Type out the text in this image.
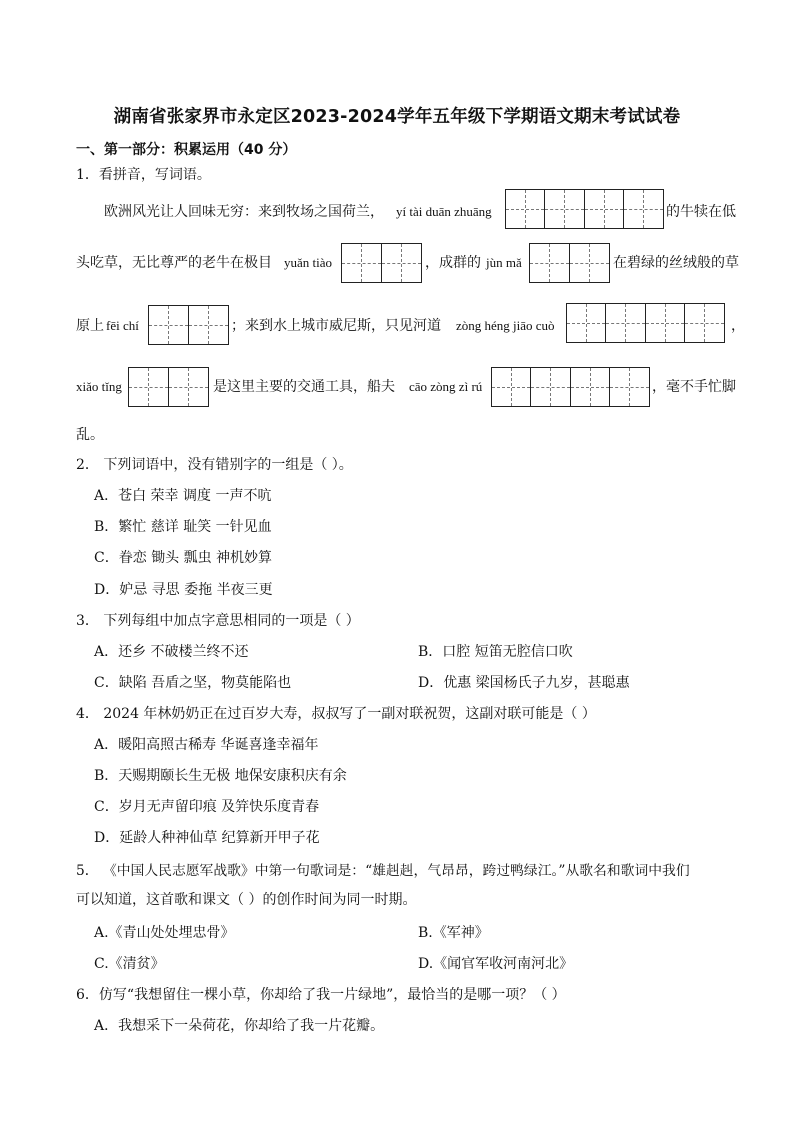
湖南省张家界市永定区2023-2024学年五年级下学期语文期末考试试卷
一、第一部分：积累运用（40 分）
1．看拼音，写词语。
欧洲风光让人回味无穷：来到牧场之国荷兰， yí tài duān zhuāng	的牛犊在低
头吃草，无比尊严的老牛在极目 yuǎn tiào	，成群的 jùn mǎ	在碧绿的丝绒般的草
原上 fēi chí	；来到水上城市威尼斯，只见河道 zòng héng jiāo cuò	，
xiǎo tǐng	是这里主要的交通工具，船夫 cāo zòng zì rú	，毫不手忙脚
乱。
2． 下列词语中，没有错别字的一组是（ ）。
A．苍白 荣幸 调度 一声不吭
B．繁忙 慈详 耻笑 一针见血
C．眷恋 锄头 瓢虫 神机妙算
D．妒忌 寻思 委拖 半夜三更
3． 下列每组中加点字意思相同的一项是（ ）
A．还乡 不破楼兰终不还	B．口腔 短笛无腔信口吹
C．缺陷 吾盾之坚，物莫能陷也	D．优惠 梁国杨氏子九岁，甚聪惠
4． 2024 年林奶奶正在过百岁大寿，叔叔写了一副对联祝贺，这副对联可能是（ ）
A．暖阳高照古稀寿 华诞喜逢幸福年
B．天赐期颐长生无极 地保安康积庆有余
C．岁月无声留印痕 及笄快乐度青春
D．延龄人种神仙草 纪算新开甲子花
5． 《中国人民志愿军战歌》中第一句歌词是：“雄赳赳，气昂昂，跨过鸭绿江。”从歌名和歌词中我们
可以知道，这首歌和课文（ ）的创作时间为同一时期。
A.《青山处处埋忠骨》	B.《军神》
C.《清贫》	D.《闻官军收河南河北》
6．仿写“我想留住一棵小草，你却给了我一片绿地”，最恰当的是哪一项？（ ）
A．我想采下一朵荷花，你却给了我一片花瓣。
